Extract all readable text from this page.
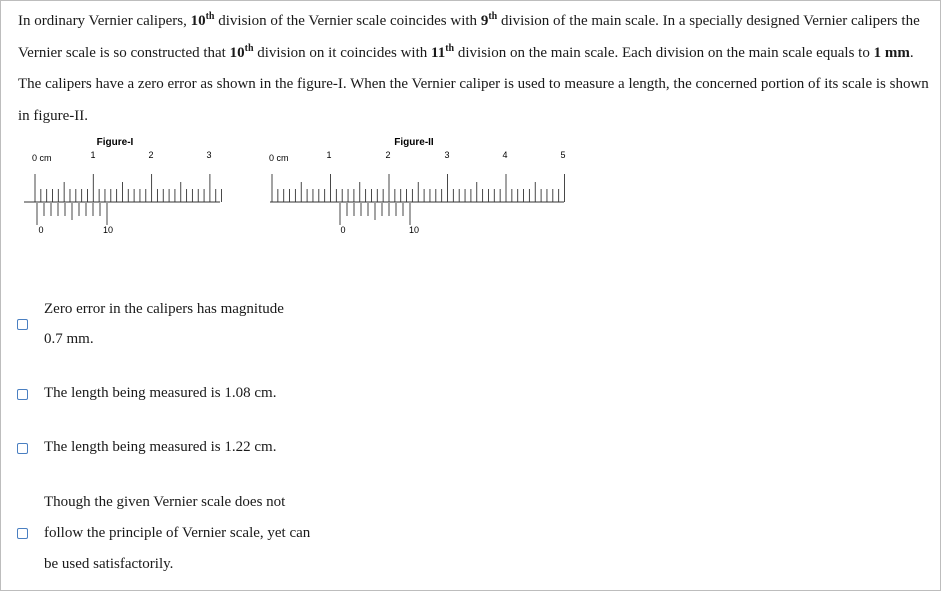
In ordinary Vernier calipers, 10th division of the Vernier scale coincides with 9th division of the main scale. In a specially designed Vernier calipers the Vernier scale is so constructed that 10th division on it coincides with 11th division on the main scale. Each division on the main scale equals to 1 mm. The calipers have a zero error as shown in the figure-I. When the Vernier caliper is used to measure a length, the concerned portion of its scale is shown in figure-II.

Figure-I
0 cm	1	2	3
0	10
Figure-II
0 cm	1	2	3	4	5
0	10
Zero error in the calipers has magnitude
0.7 mm.
The length being measured is 1.08 cm.
The length being measured is 1.22 cm.
Though the given Vernier scale does not
follow the principle of Vernier scale, yet can
be used satisfactorily.
